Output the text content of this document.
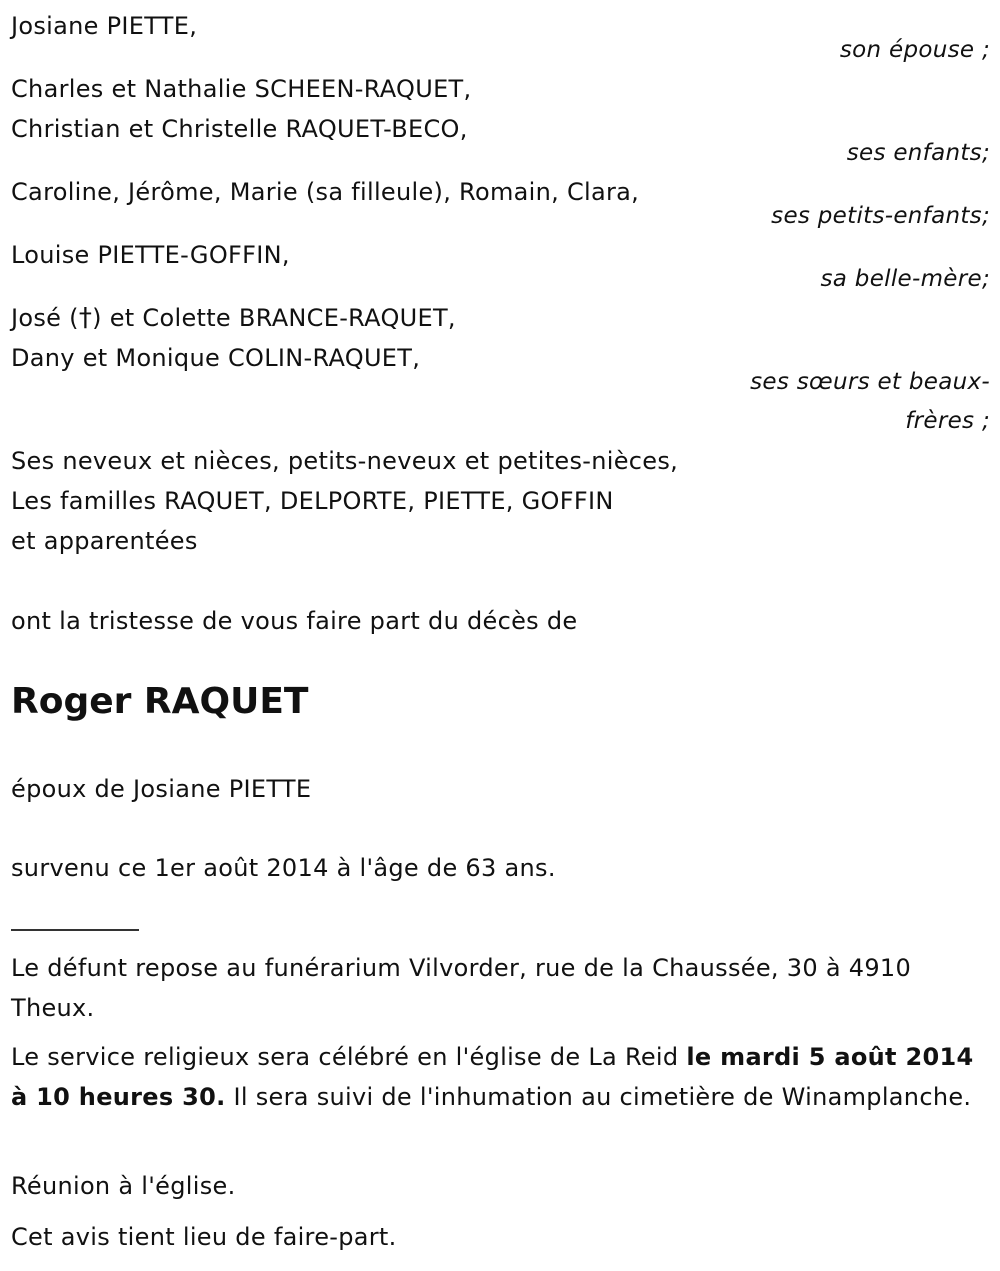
Josiane PIETTE,
son épouse ;
Charles et Nathalie SCHEEN-RAQUET,
Christian et Christelle RAQUET-BECO,
ses enfants;
Caroline, Jérôme, Marie (sa filleule), Romain, Clara,
ses petits-enfants;
Louise PIETTE-GOFFIN,
sa belle-mère;
José (†) et Colette BRANCE-RAQUET,
Dany et Monique COLIN-RAQUET,
ses sœurs et beaux-
frères ;
Ses neveux et nièces, petits-neveux et petites-nièces,
Les familles RAQUET, DELPORTE, PIETTE, GOFFIN
et apparentées
ont la tristesse de vous faire part du décès de
Roger RAQUET
époux de Josiane PIETTE
survenu ce 1er août 2014 à l'âge de 63 ans.
Le défunt repose au funérarium Vilvorder, rue de la Chaussée, 30 à 4910 Theux.
Le service religieux sera célébré en l'église de La Reid le mardi 5 août 2014 à 10 heures 30. Il sera suivi de l'inhumation au cimetière de Winamplanche.
Réunion à l'église.
Cet avis tient lieu de faire-part.
